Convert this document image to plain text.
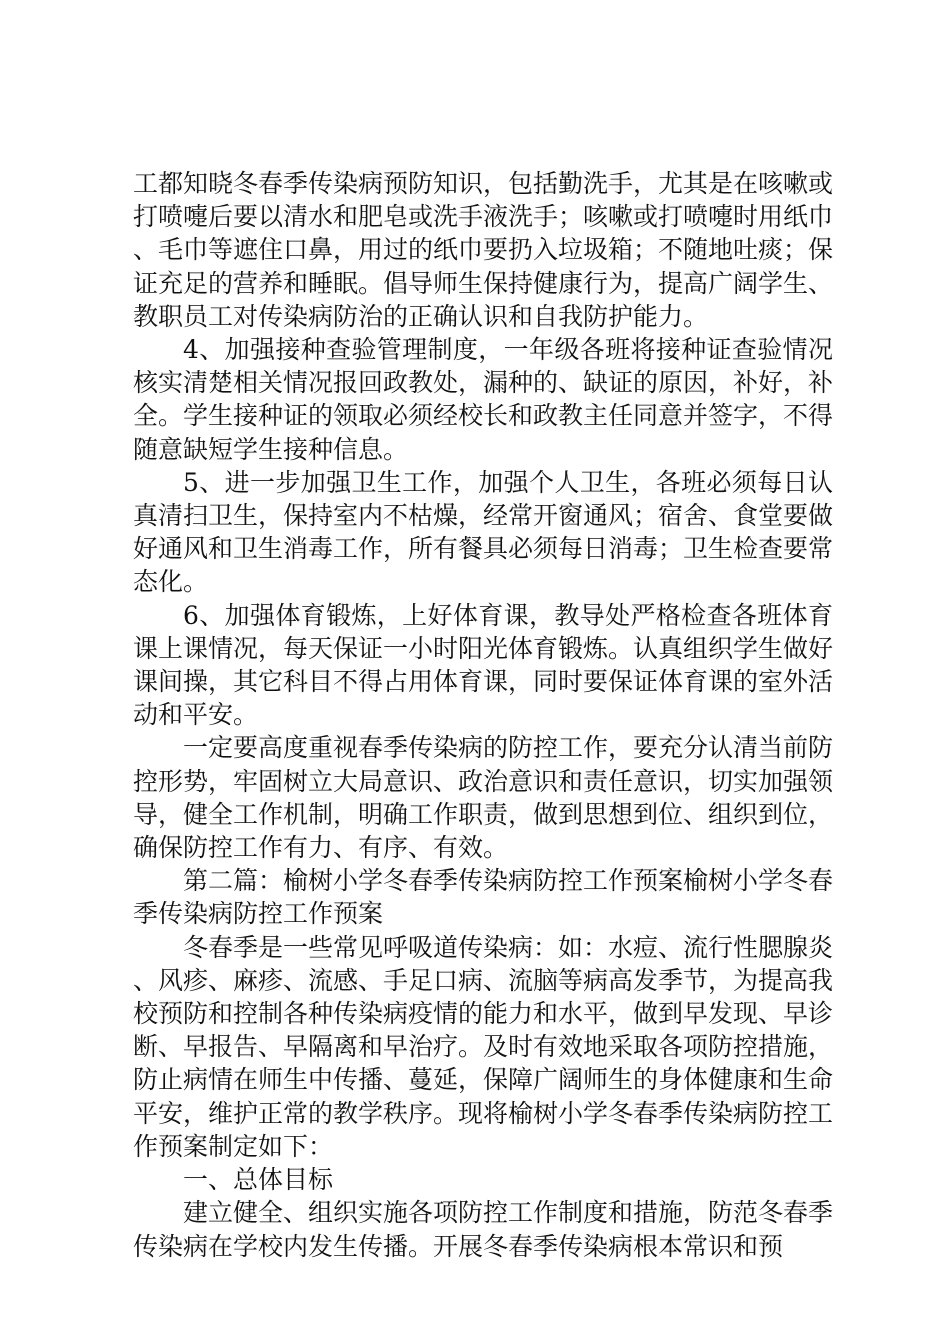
工都知晓冬春季传染病预防知识，包括勤洗手，尤其是在咳嗽或打喷嚏后要以清水和肥皂或洗手液洗手；咳嗽或打喷嚏时用纸巾、毛巾等遮住口鼻，用过的纸巾要扔入垃圾箱；不随地吐痰；保证充足的营养和睡眠。倡导师生保持健康行为，提高广阔学生、教职员工对传染病防治的正确认识和自我防护能力。

4、加强接种查验管理制度，一年级各班将接种证查验情况核实清楚相关情况报回政教处，漏种的、缺证的原因，补好，补全。学生接种证的领取必须经校长和政教主任同意并签字，不得随意缺短学生接种信息。

5、进一步加强卫生工作，加强个人卫生，各班必须每日认真清扫卫生，保持室内不枯燥，经常开窗通风；宿舍、食堂要做好通风和卫生消毒工作，所有餐具必须每日消毒；卫生检查要常态化。

6、加强体育锻炼，上好体育课，教导处严格检查各班体育课上课情况，每天保证一小时阳光体育锻炼。认真组织学生做好课间操，其它科目不得占用体育课，同时要保证体育课的室外活动和平安。

一定要高度重视春季传染病的防控工作，要充分认清当前防控形势，牢固树立大局意识、政治意识和责任意识，切实加强领导，健全工作机制，明确工作职责，做到思想到位、组织到位，确保防控工作有力、有序、有效。

第二篇：榆树小学冬春季传染病防控工作预案榆树小学冬春季传染病防控工作预案

冬春季是一些常见呼吸道传染病：如：水痘、流行性腮腺炎、风疹、麻疹、流感、手足口病、流脑等病高发季节，为提高我校预防和控制各种传染病疫情的能力和水平，做到早发现、早诊断、早报告、早隔离和早治疗。及时有效地采取各项防控措施，防止病情在师生中传播、蔓延，保障广阔师生的身体健康和生命平安，维护正常的教学秩序。现将榆树小学冬春季传染病防控工作预案制定如下：

一、总体目标

建立健全、组织实施各项防控工作制度和措施，防范冬春季传染病在学校内发生传播。开展冬春季传染病根本常识和预
